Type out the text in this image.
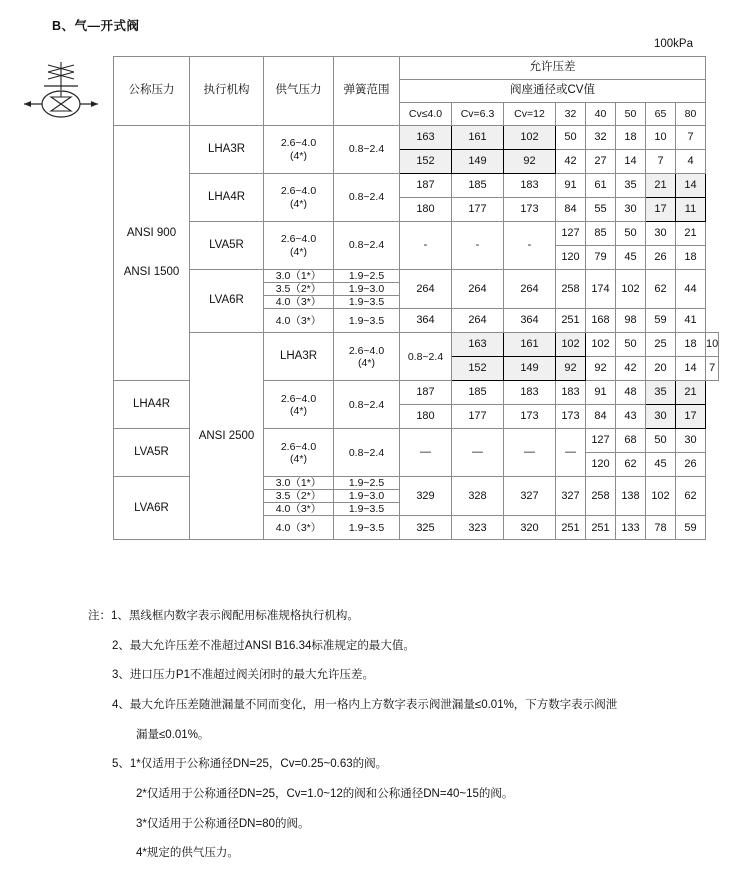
B、气—开式阀
100kPa
公称压力	执行机构	供气压力	弹簧范围	允许压差								
				阀座通径或CV值								
				Cv≤4.0	Cv=6.3	Cv=12	32	40	50	65	80	

ANSI 900
ANSI 1500
	LHA3R	2.6~4.0
(4*)
	0.8~2.4	163	161	102	50	32	18	10	7
				152	149	92	42	27	14	7	4	
	LHA4R	2.6~4.0
(4*)	0.8~2.4	187	185	183	91	61	35	21	14	
				180	177	173	84	55	30	17	11	
	LVA5R	2.6~4.0
(4*)	0.8~2.4	-	-	-	127	85	50	30	21	
							120	79	45	26	18	
	LVA6R	3.0（1*）	1.9~2.5	264	264	264	258	174	102	62	44	
		3.5（2*）	1.9~3.0									
		4.0（3*）	1.9~3.5									
		4.0（3*）	1.9~3.5	364	264	364	251	168	98	59	41	
	ANSI 2500	LHA3R	2.6~4.0
(4*)	0.8~2.4	163	161	102	102	50	25	18	10
					152	149	92	92	42	20	14	7
LHA4R		2.6~4.0
(4*)	0.8~2.4	187	185	183	183	91	48	35	21	
				180	177	173	173	84	43	30	17	
LVA5R		2.6~4.0
(4*)	0.8~2.4	—	—	—	—	127	68	50	30	
								120	62	45	26	
LVA6R		3.0（1*）	1.9~2.5	329	328	327	327	258	138	102	62	
		3.5（2*）	1.9~3.0									
		4.0（3*）	1.9~3.5									
		4.0（3*）	1.9~3.5	325	323	320	251	251	133	78	59	
注：1、黑线框内数字表示阀配用标准规格执行机构。
2、最大允许压差不准超过ANSI B16.34标准规定的最大值。
3、进口压力P1不准超过阀关闭时的最大允许压差。
4、最大允许压差随泄漏量不同而变化，用一格内上方数字表示阀泄漏量≤0.01%，下方数字表示阀泄
漏量≤0.01%。
5、1*仅适用于公称通径DN=25，Cv=0.25~0.63的阀。
2*仅适用于公称通径DN=25，Cv=1.0~12的阀和公称通径DN=40~15的阀。
3*仅适用于公称通径DN=80的阀。
4*规定的供气压力。
